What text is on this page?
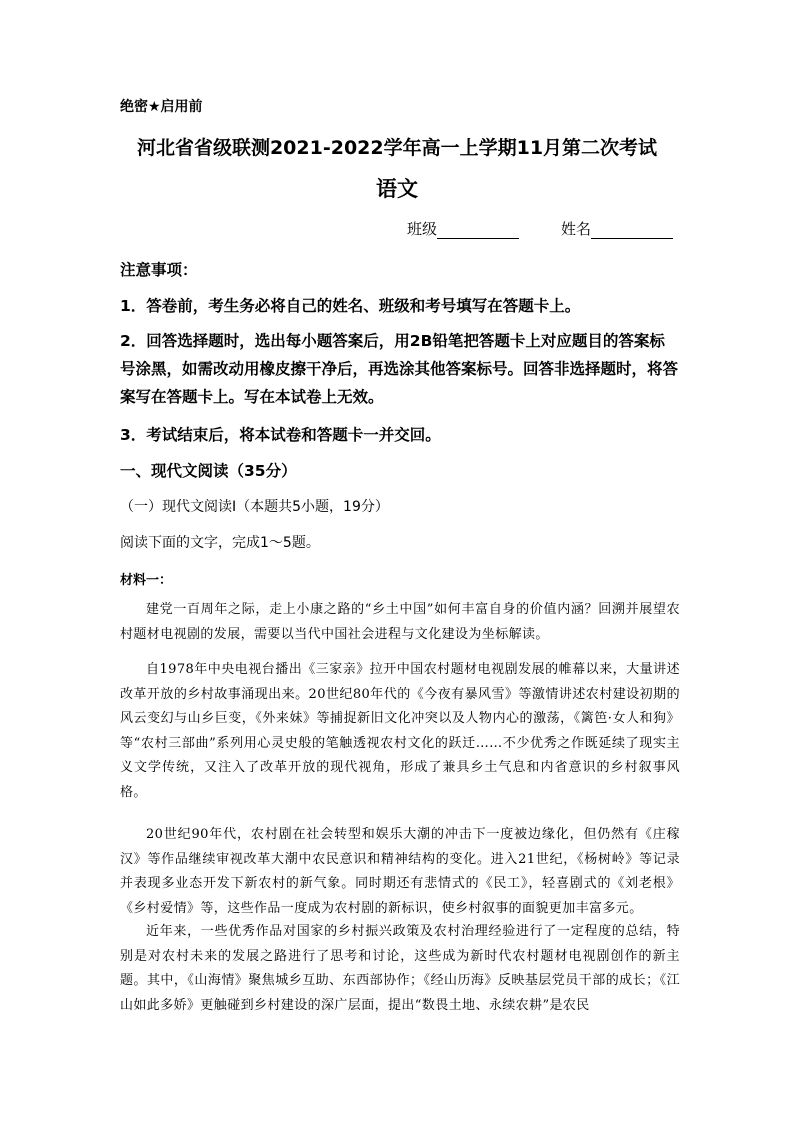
绝密★启用前
河北省省级联测2021-2022学年高一上学期11月第二次考试
语文
班级	姓名
注意事项：
1．答卷前，考生务必将自己的姓名、班级和考号填写在答题卡上。
2．回答选择题时，选出每小题答案后，用2B铅笔把答题卡上对应题目的答案标号涂黑，如需改动用橡皮擦干净后，再选涂其他答案标号。回答非选择题时，将答案写在答题卡上。写在本试卷上无效。
3．考试结束后，将本试卷和答题卡一并交回。
一、现代文阅读（35分）
（一）现代文阅读Ⅰ（本题共5小题，19分）
阅读下面的文字，完成1～5题。
材料一：
建党一百周年之际，走上小康之路的“乡土中国”如何丰富自身的价值内涵？回溯并展望农村题材电视剧的发展，需要以当代中国社会进程与文化建设为坐标解读。
自1978年中央电视台播出《三家亲》拉开中国农村题材电视剧发展的帷幕以来，大量讲述改革开放的乡村故事涌现出来。20世纪80年代的《今夜有暴风雪》等激情讲述农村建设初期的风云变幻与山乡巨变，《外来妹》等捕捉新旧文化冲突以及人物内心的激荡，《篱笆·女人和狗》等“农村三部曲”系列用心灵史般的笔触透视农村文化的跃迁……不少优秀之作既延续了现实主义文学传统，又注入了改革开放的现代视角，形成了兼具乡土气息和内省意识的乡村叙事风格。
20世纪90年代，农村剧在社会转型和娱乐大潮的冲击下一度被边缘化，但仍然有《庄稼汉》等作品继续审视改革大潮中农民意识和精神结构的变化。进入21世纪，《杨树岭》等记录并表现多业态开发下新农村的新气象。同时期还有悲情式的《民工》，轻喜剧式的《刘老根》《乡村爱情》等，这些作品一度成为农村剧的新标识，使乡村叙事的面貌更加丰富多元。
近年来，一些优秀作品对国家的乡村振兴政策及农村治理经验进行了一定程度的总结，特别是对农村未来的发展之路进行了思考和讨论，这些成为新时代农村题材电视剧创作的新主题。其中，《山海情》聚焦城乡互助、东西部协作；《经山历海》反映基层党员干部的成长；《江山如此多娇》更触碰到乡村建设的深广层面，提出“数畏土地、永续农耕”是农民
